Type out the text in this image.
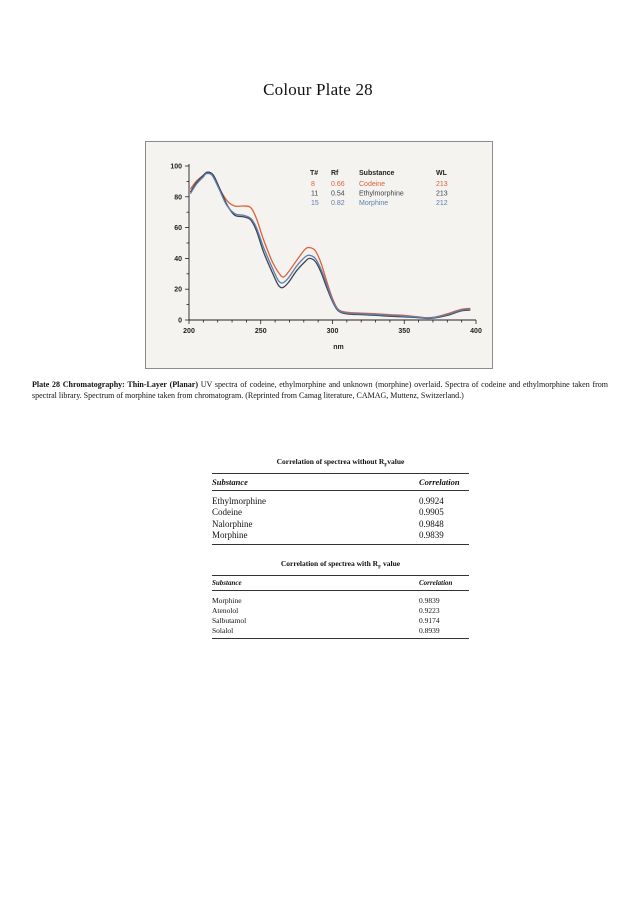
Colour Plate 28
0
20
40
60
80
100
200	250	300	350	400
nm
T# Rf	Substance	WL
8 0.66 Codeine	213
11 0.54 Ethylmorphine	213
15 0.82 Morphine	212
Plate 28 Chromatography: Thin-Layer (Planar) UV spectra of codeine, ethylmorphine and unknown (morphine) overlaid. Spectra of codeine and ethylmorphine taken from spectral library. Spectrum of morphine taken from chromatogram. (Reprinted from Camag literature, CAMAG, Muttenz, Switzerland.)
Correlation of spectrea without $R_Fvalue$
Substance	Correlation
Ethylmorphine	0.9924
Codeine	0.9905
Nalorphine	0.9848
Morphine	0.9839
Correlation of spectrea with $R_F$ value
Substance	Correlation
Morphine	0.9839
Atenolol	0.9223
Salbutamol	0.9174
Solalol	0.8939
